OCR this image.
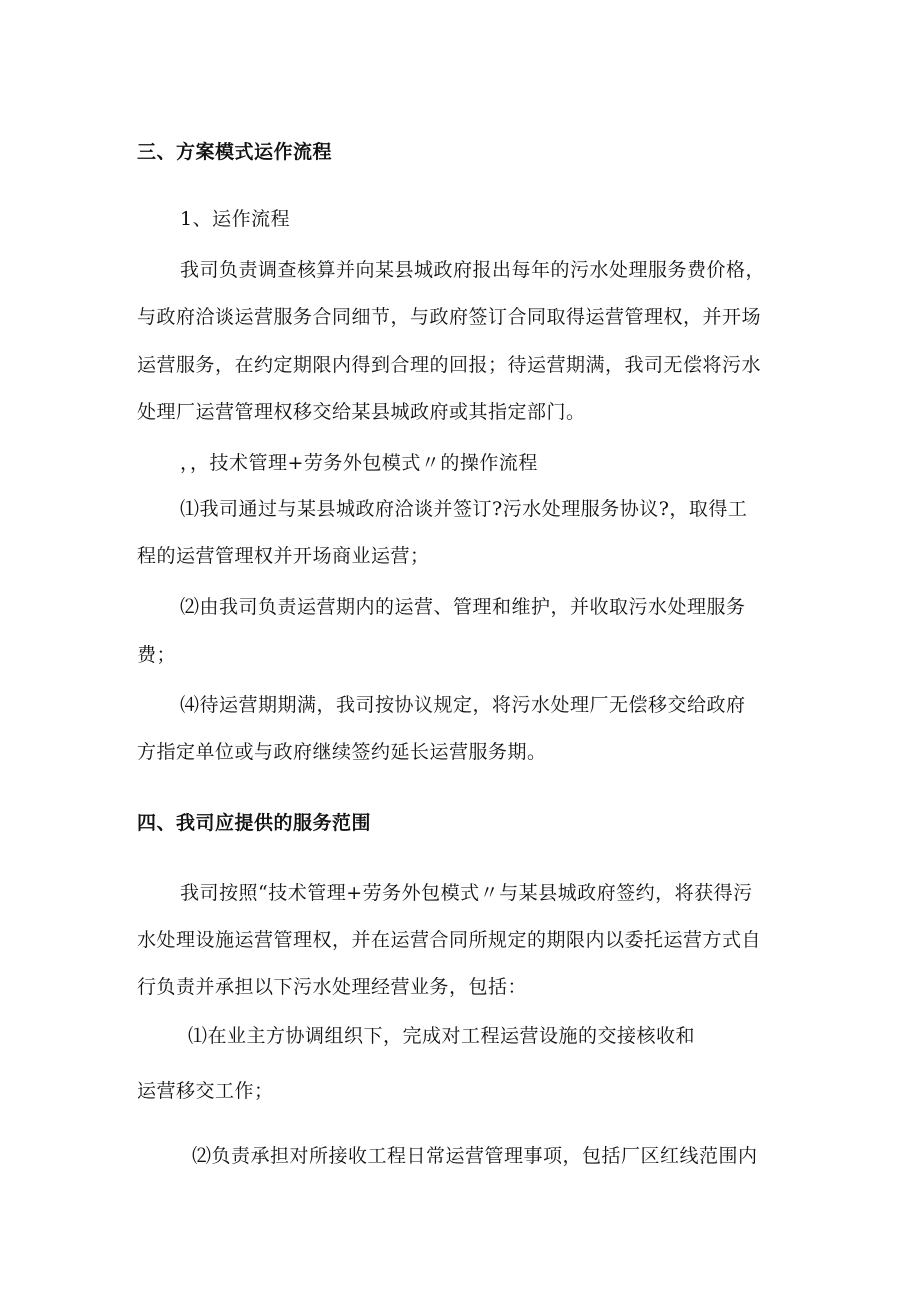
三、方案模式运作流程
1、运作流程
我司负责调查核算并向某县城政府报出每年的污水处理服务费价格，
与政府洽谈运营服务合同细节，与政府签订合同取得运营管理权，并开场
运营服务，在约定期限内得到合理的回报；待运营期满，我司无偿将污水
处理厂运营管理权移交给某县城政府或其指定部门。
，，技术管理+劳务外包模式〃的操作流程
⑴我司通过与某县城政府洽谈并签订?污水处理服务协议?，取得工
程的运营管理权并开场商业运营；
⑵由我司负责运营期内的运营、管理和维护，并收取污水处理服务
费；
⑷待运营期期满，我司按协议规定，将污水处理厂无偿移交给政府
方指定单位或与政府继续签约延长运营服务期。
四、我司应提供的服务范围
我司按照“技术管理+劳务外包模式〃与某县城政府签约，将获得污
水处理设施运营管理权，并在运营合同所规定的期限内以委托运营方式自
行负责并承担以下污水处理经营业务，包括：
⑴在业主方协调组织下，完成对工程运营设施的交接核收和
运营移交工作；
⑵负责承担对所接收工程日常运营管理事项，包括厂区红线范围内
